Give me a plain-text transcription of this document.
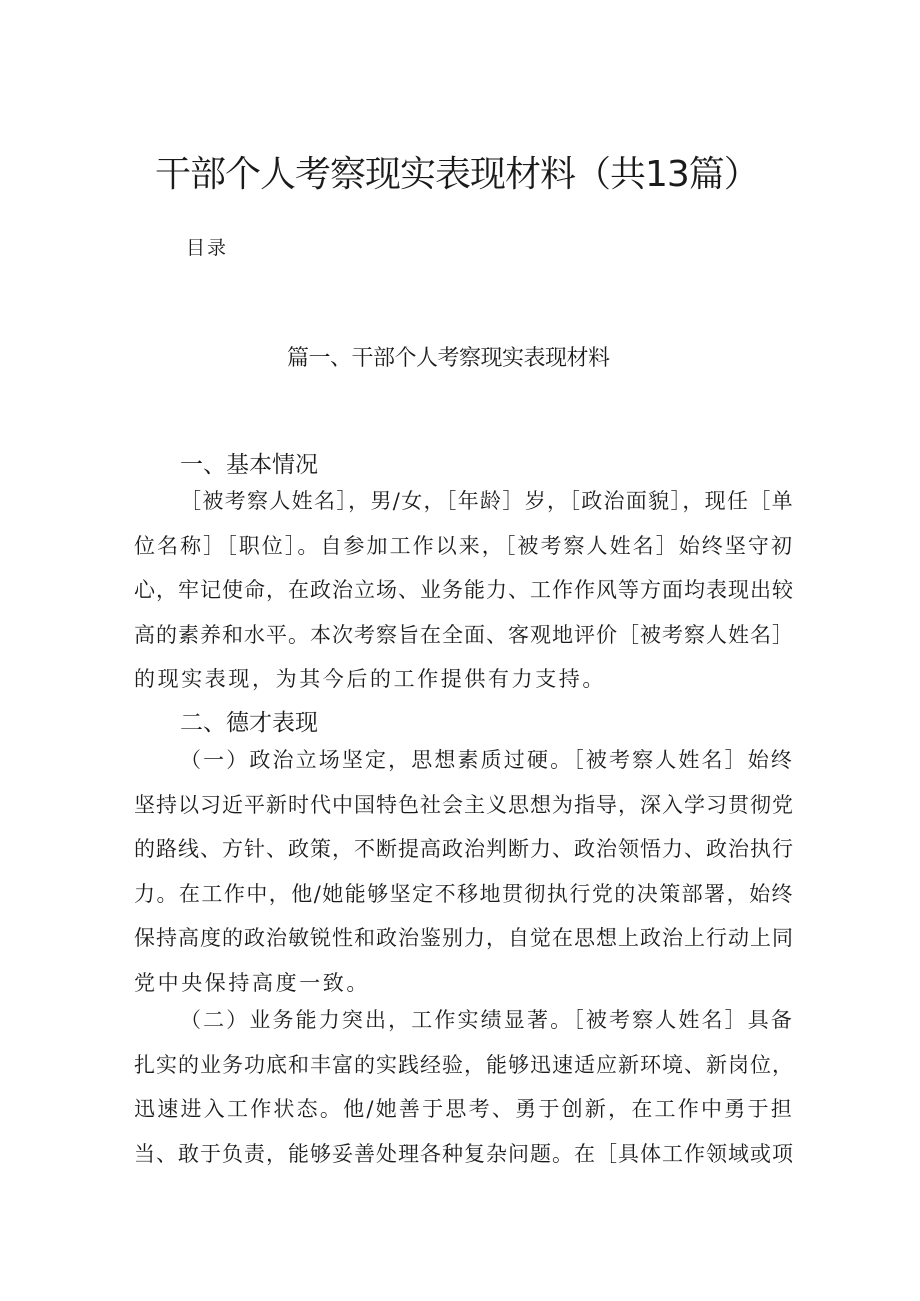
干部个人考察现实表现材料（共13篇）
目录
篇一、干部个人考察现实表现材料
一、基本情况
［被考察人姓名］，男/女，［年龄］岁，［政治面貌］，现任［单
位名称］［职位］。自参加工作以来，［被考察人姓名］始终坚守初
心，牢记使命，在政治立场、业务能力、工作作风等方面均表现出较
高的素养和水平。本次考察旨在全面、客观地评价［被考察人姓名］
的现实表现，为其今后的工作提供有力支持。
二、德才表现
（一）政治立场坚定，思想素质过硬。［被考察人姓名］始终
坚持以习近平新时代中国特色社会主义思想为指导，深入学习贯彻党
的路线、方针、政策，不断提高政治判断力、政治领悟力、政治执行
力。在工作中，他/她能够坚定不移地贯彻执行党的决策部署，始终
保持高度的政治敏锐性和政治鉴别力，自觉在思想上政治上行动上同
党中央保持高度一致。
（二）业务能力突出，工作实绩显著。［被考察人姓名］具备
扎实的业务功底和丰富的实践经验，能够迅速适应新环境、新岗位，
迅速进入工作状态。他/她善于思考、勇于创新，在工作中勇于担
当、敢于负责，能够妥善处理各种复杂问题。在［具体工作领域或项
